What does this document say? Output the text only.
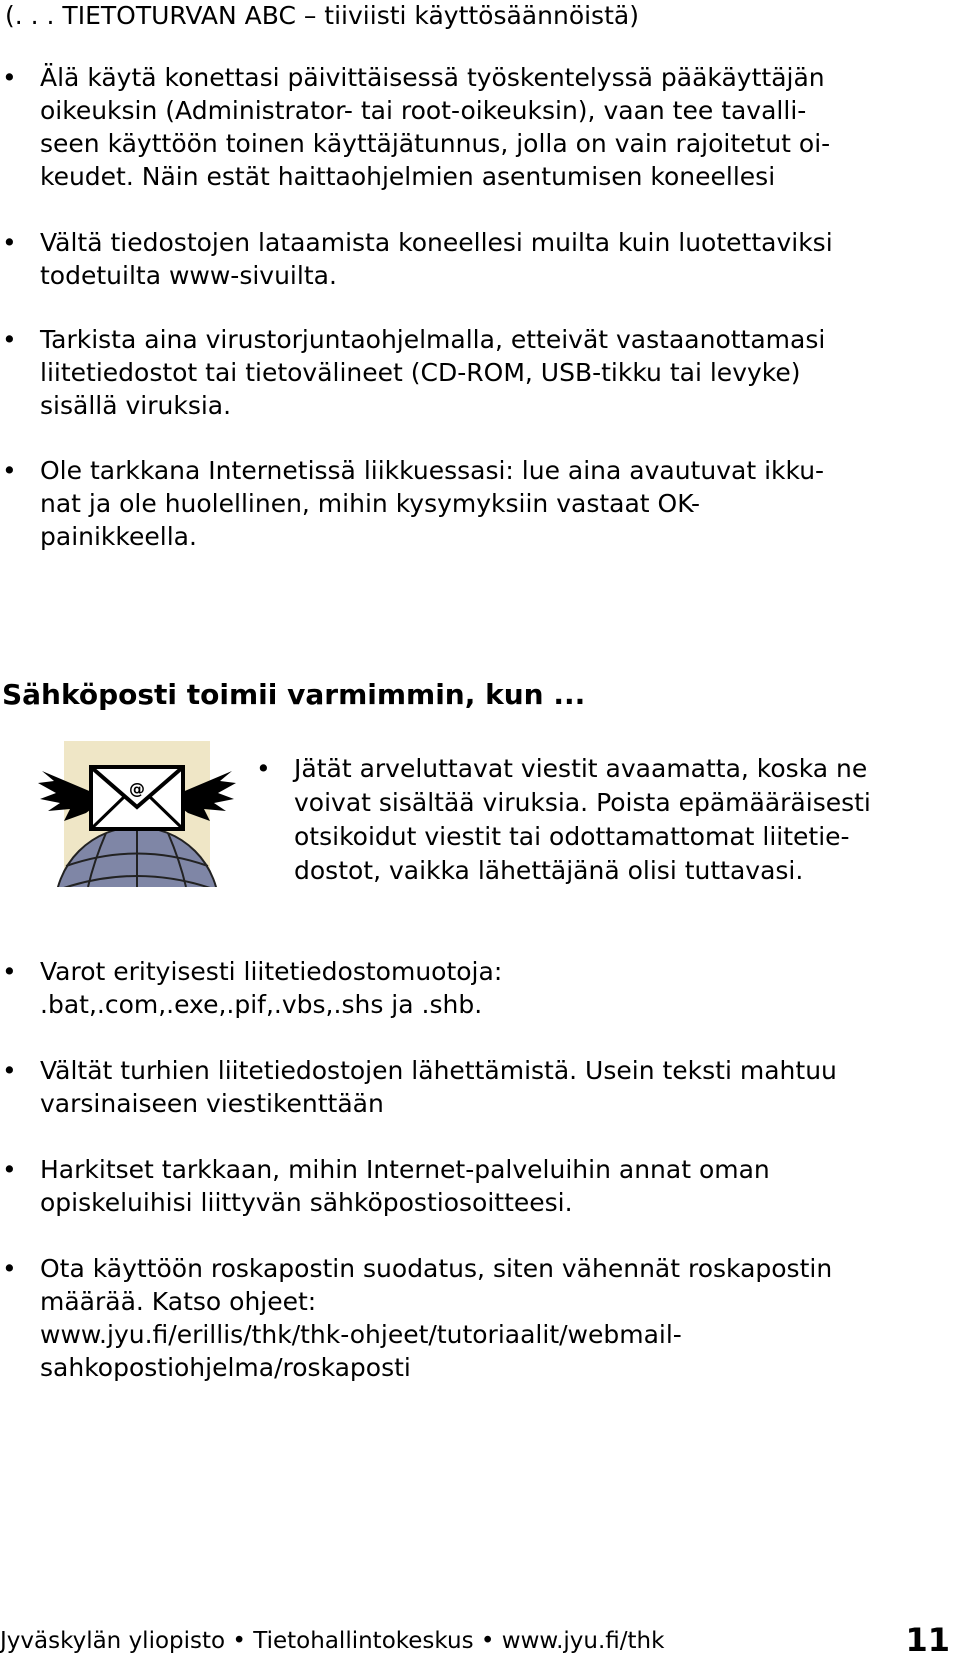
(. . . TIETOTURVAN ABC – tiiviisti käyttösäännöistä)
• Älä käytä konettasi päivittäisessä työskentelyssä pääkäyttäjän
oikeuksin (Administrator- tai root-oikeuksin), vaan tee tavalli-
seen käyttöön toinen käyttäjätunnus, jolla on vain rajoitetut oi-
keudet. Näin estät haittaohjelmien asentumisen koneellesi
• Vältä tiedostojen lataamista koneellesi muilta kuin luotettaviksi
todetuilta www-sivuilta.
• Tarkista aina virustorjuntaohjelmalla, etteivät vastaanottamasi
liitetiedostot tai tietovälineet (CD-ROM, USB-tikku tai levyke)
sisällä viruksia.
• Ole tarkkana Internetissä liikkuessasi: lue aina avautuvat ikku-
nat ja ole huolellinen, mihin kysymyksiin vastaat OK-
painikkeella.
Sähköposti toimii varmimmin, kun ...
@
• Jätät arveluttavat viestit avaamatta, koska ne
voivat sisältää viruksia. Poista epämääräisesti
otsikoidut viestit tai odottamattomat liitetie-
dostot, vaikka lähettäjänä olisi tuttavasi.
• Varot erityisesti liitetiedostomuotoja:
.bat,.com,.exe,.pif,.vbs,.shs ja .shb.
• Vältät turhien liitetiedostojen lähettämistä. Usein teksti mahtuu
varsinaiseen viestikenttään
• Harkitset tarkkaan, mihin Internet-palveluihin annat oman
opiskeluihisi liittyvän sähköpostiosoitteesi.
• Ota käyttöön roskapostin suodatus, siten vähennät roskapostin
määrää. Katso ohjeet:
www.jyu.fi/erillis/thk/thk-ohjeet/tutoriaalit/webmail-
sahkopostiohjelma/roskaposti
Jyväskylän yliopisto • Tietohallintokeskus • www.jyu.fi/thk	11
